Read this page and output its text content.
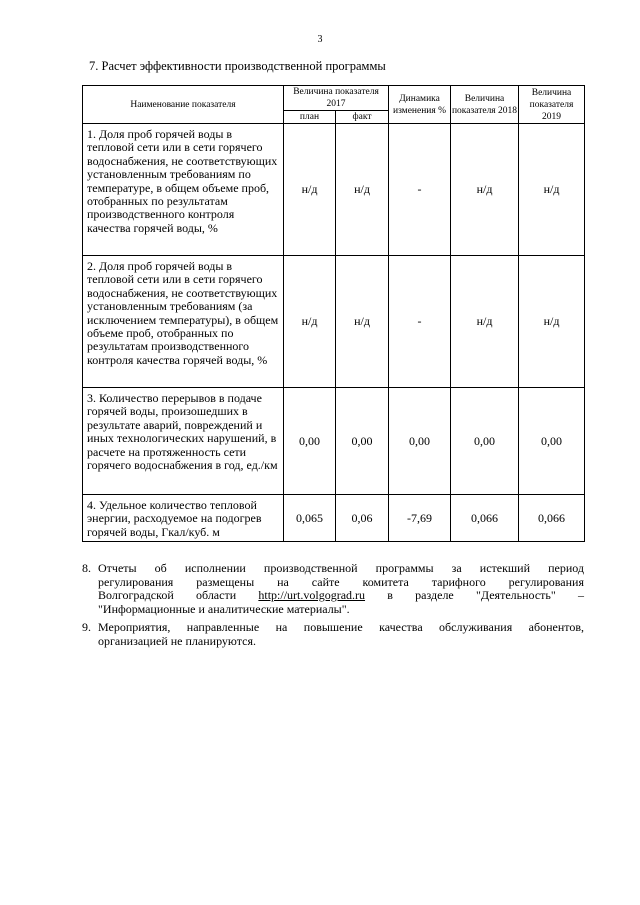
3
7. Расчет эффективности производственной программы
Наименование показателя	Величина показателя 2017		Динамика изменения %	Величина показателя 2018	Величина показателя 2019
	план	факт			
1. Доля проб горячей воды в тепловой сети или в сети горячего водоснабжения, не соответствующих установленным требованиям по температуре, в общем объеме проб, отобранных по результатам производственного контроля качества горячей воды, %	н/д	н/д	-	н/д	н/д
2. Доля проб горячей воды в тепловой сети или в сети горячего водоснабжения, не соответствующих установленным требованиям (за исключением температуры), в общем объеме проб, отобранных по результатам производственного контроля качества горячей воды, %	н/д	н/д	-	н/д	н/д
3. Количество перерывов в подаче горячей воды, произошедших в результате аварий, повреждений и иных технологических нарушений, в расчете на протяженность сети горячего водоснабжения в год, ед./км	0,00	0,00	0,00	0,00	0,00
4. Удельное количество тепловой энергии, расходуемое на подогрев горячей воды, Гкал/куб. м	0,065	0,06	-7,69	0,066	0,066
8. Отчеты об исполнении производственной программы за истекший период
регулирования размещены на сайте комитета тарифного регулирования
Волгоградской области http://urt.volgograd.ru в разделе "Деятельность" –
"Информационные и аналитические материалы".
9. Мероприятия, направленные на повышение качества обслуживания абонентов,
организацией не планируются.
